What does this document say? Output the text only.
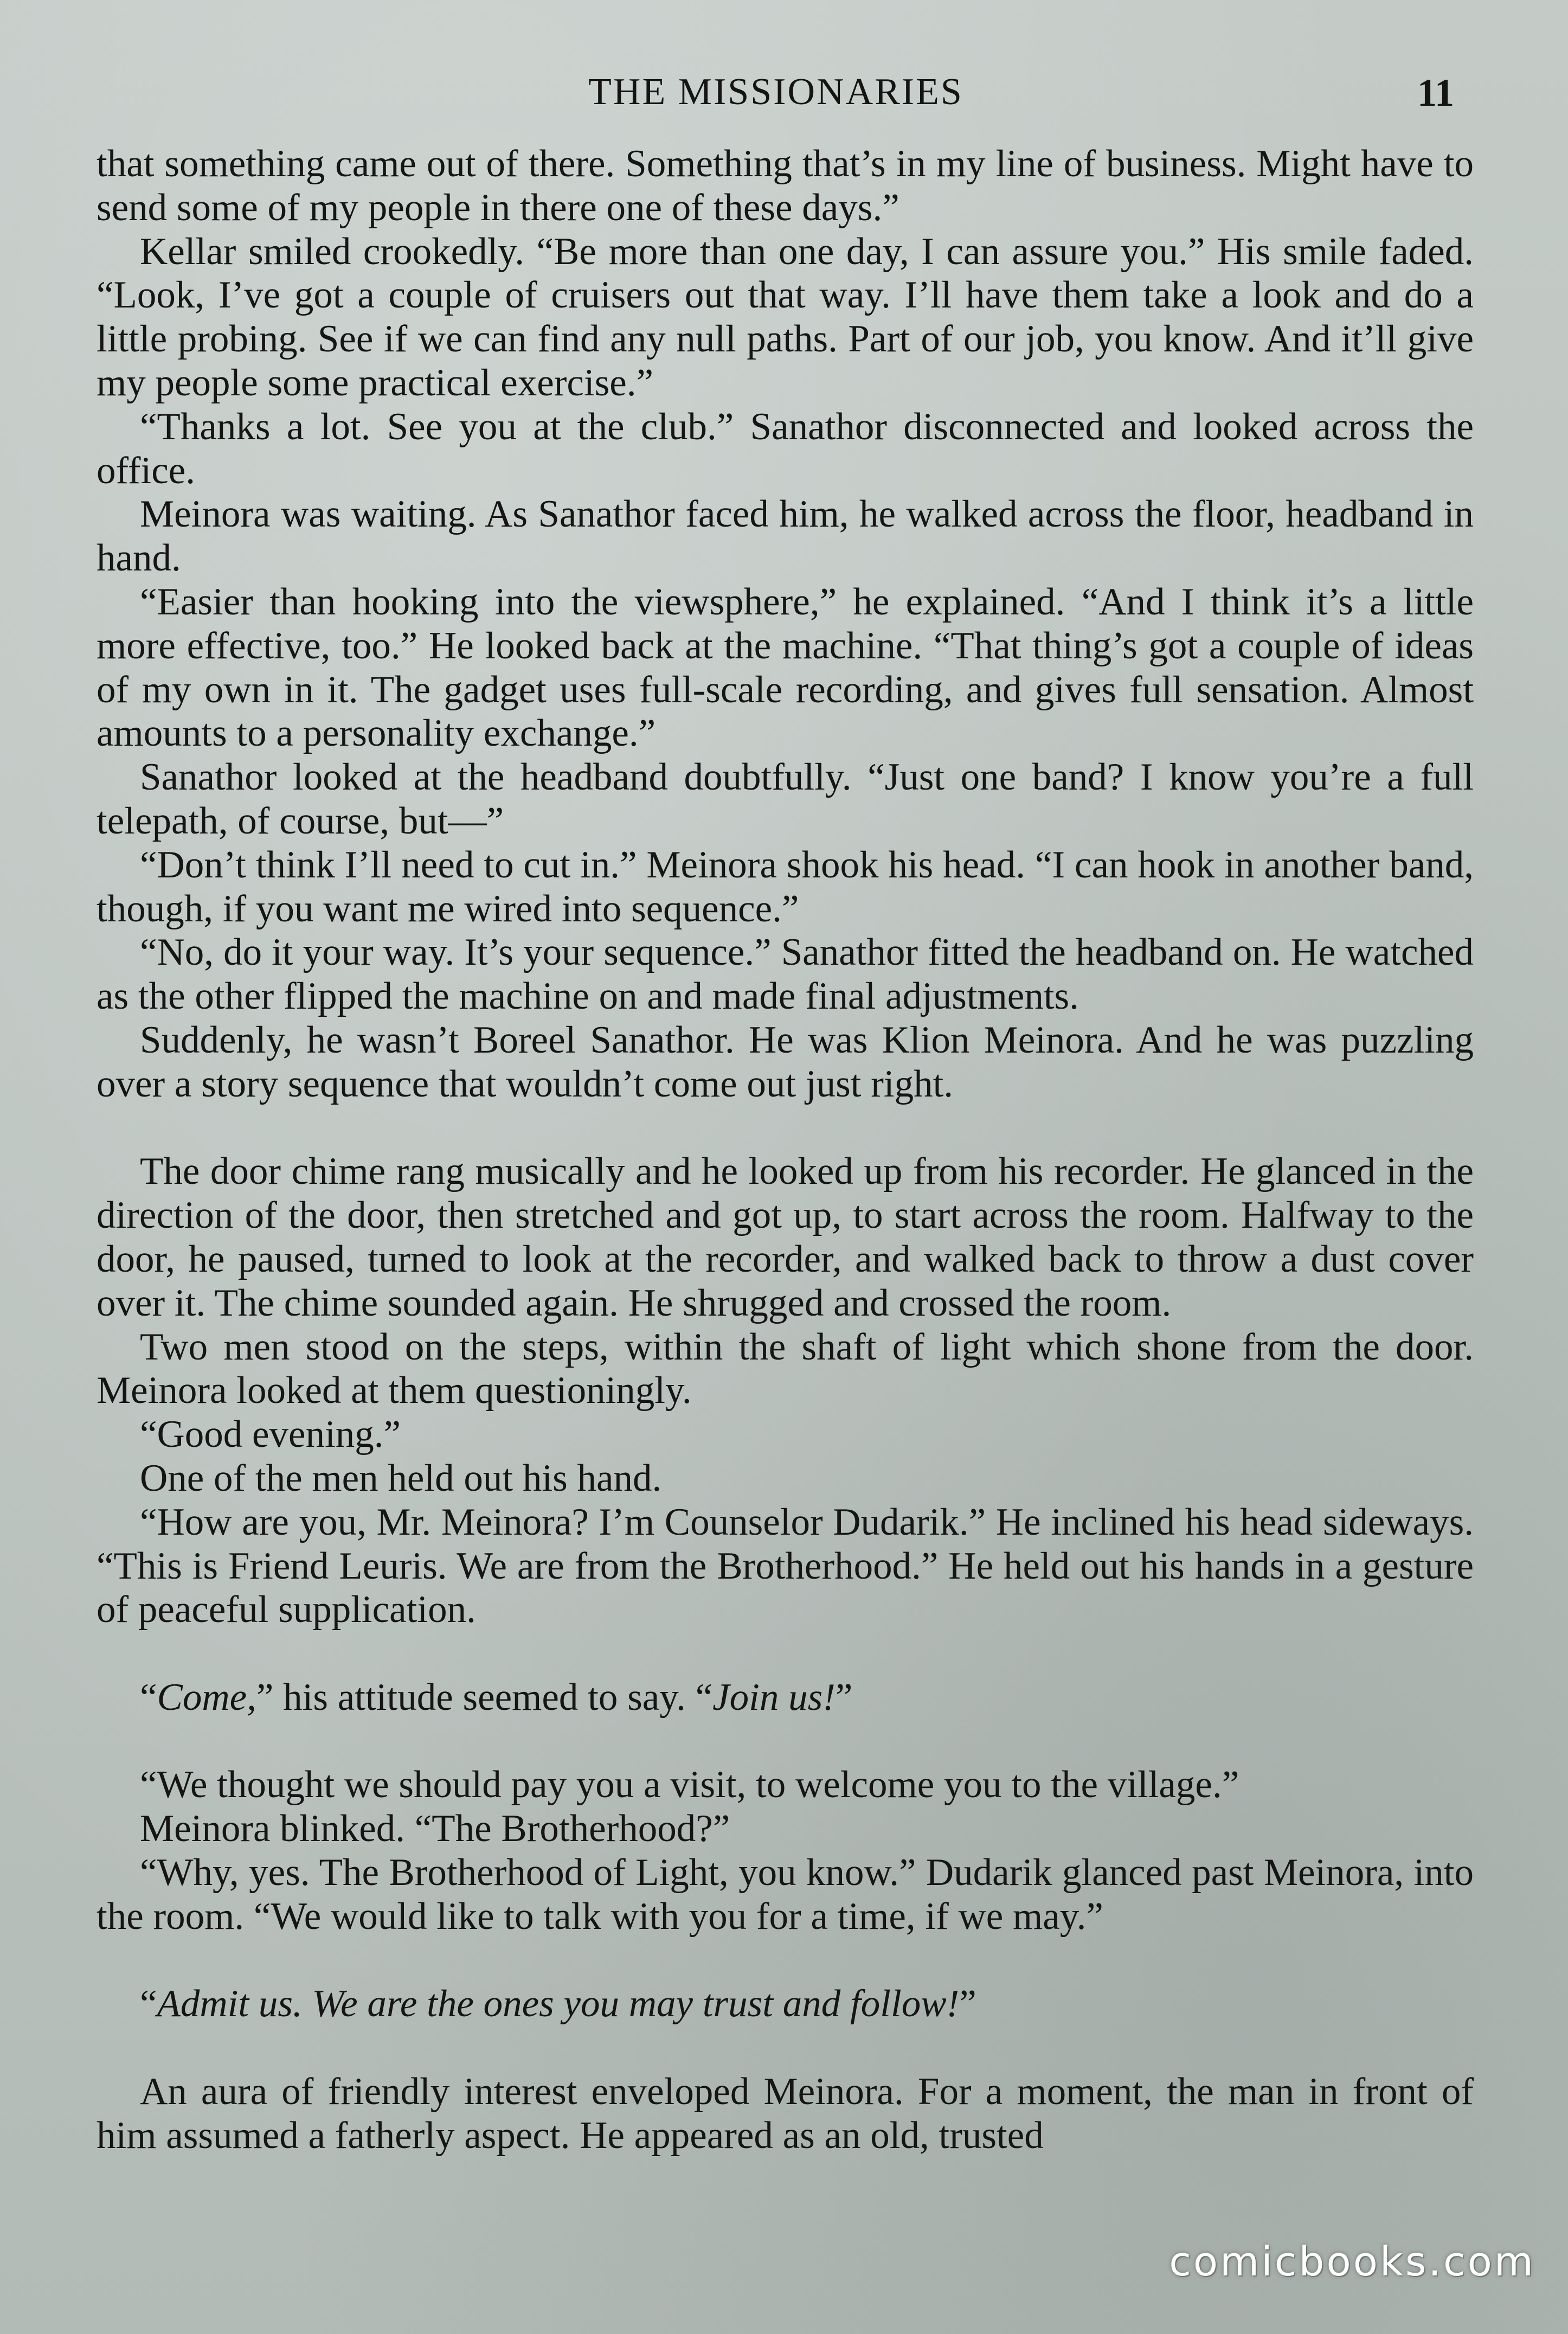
THE MISSIONARIES	11

that something came out of there. Something that’s in my line of business. Might have to send some of my people in there one of these days.”

Kellar smiled crookedly. “Be more than one day, I can assure you.” His smile faded. “Look, I’ve got a couple of cruisers out that way. I’ll have them take a look and do a little probing. See if we can find any null paths. Part of our job, you know. And it’ll give my people some practical exercise.”

“Thanks a lot. See you at the club.” Sanathor disconnected and looked across the office.

Meinora was waiting. As Sanathor faced him, he walked across the floor, headband in hand.

“Easier than hooking into the viewsphere,” he explained. “And I think it’s a little more effective, too.” He looked back at the machine. “That thing’s got a couple of ideas of my own in it. The gadget uses full-scale recording, and gives full sensation. Almost amounts to a personality exchange.”

Sanathor looked at the headband doubtfully. “Just one band? I know you’re a full telepath, of course, but—”

“Don’t think I’ll need to cut in.” Meinora shook his head. “I can hook in another band, though, if you want me wired into sequence.”

“No, do it your way. It’s your sequence.” Sanathor fitted the headband on. He watched as the other flipped the machine on and made final adjustments.

Suddenly, he wasn’t Boreel Sanathor. He was Klion Meinora. And he was puzzling over a story sequence that wouldn’t come out just right.

The door chime rang musically and he looked up from his recorder. He glanced in the direction of the door, then stretched and got up, to start across the room. Halfway to the door, he paused, turned to look at the recorder, and walked back to throw a dust cover over it. The chime sounded again. He shrugged and crossed the room.

Two men stood on the steps, within the shaft of light which shone from the door. Meinora looked at them questioningly.

“Good evening.”

One of the men held out his hand.

“How are you, Mr. Meinora? I’m Counselor Dudarik.” He inclined his head sideways. “This is Friend Leuris. We are from the Brotherhood.” He held out his hands in a gesture of peaceful supplication.

“Come,” his attitude seemed to say. “Join us!”

“We thought we should pay you a visit, to welcome you to the village.”

Meinora blinked. “The Brotherhood?”

“Why, yes. The Brotherhood of Light, you know.” Dudarik glanced past Meinora, into the room. “We would like to talk with you for a time, if we may.”

“Admit us. We are the ones you may trust and follow!”

An aura of friendly interest enveloped Meinora. For a moment, the man in front of him assumed a fatherly aspect. He appeared as an old, trusted

comicbooks.com
